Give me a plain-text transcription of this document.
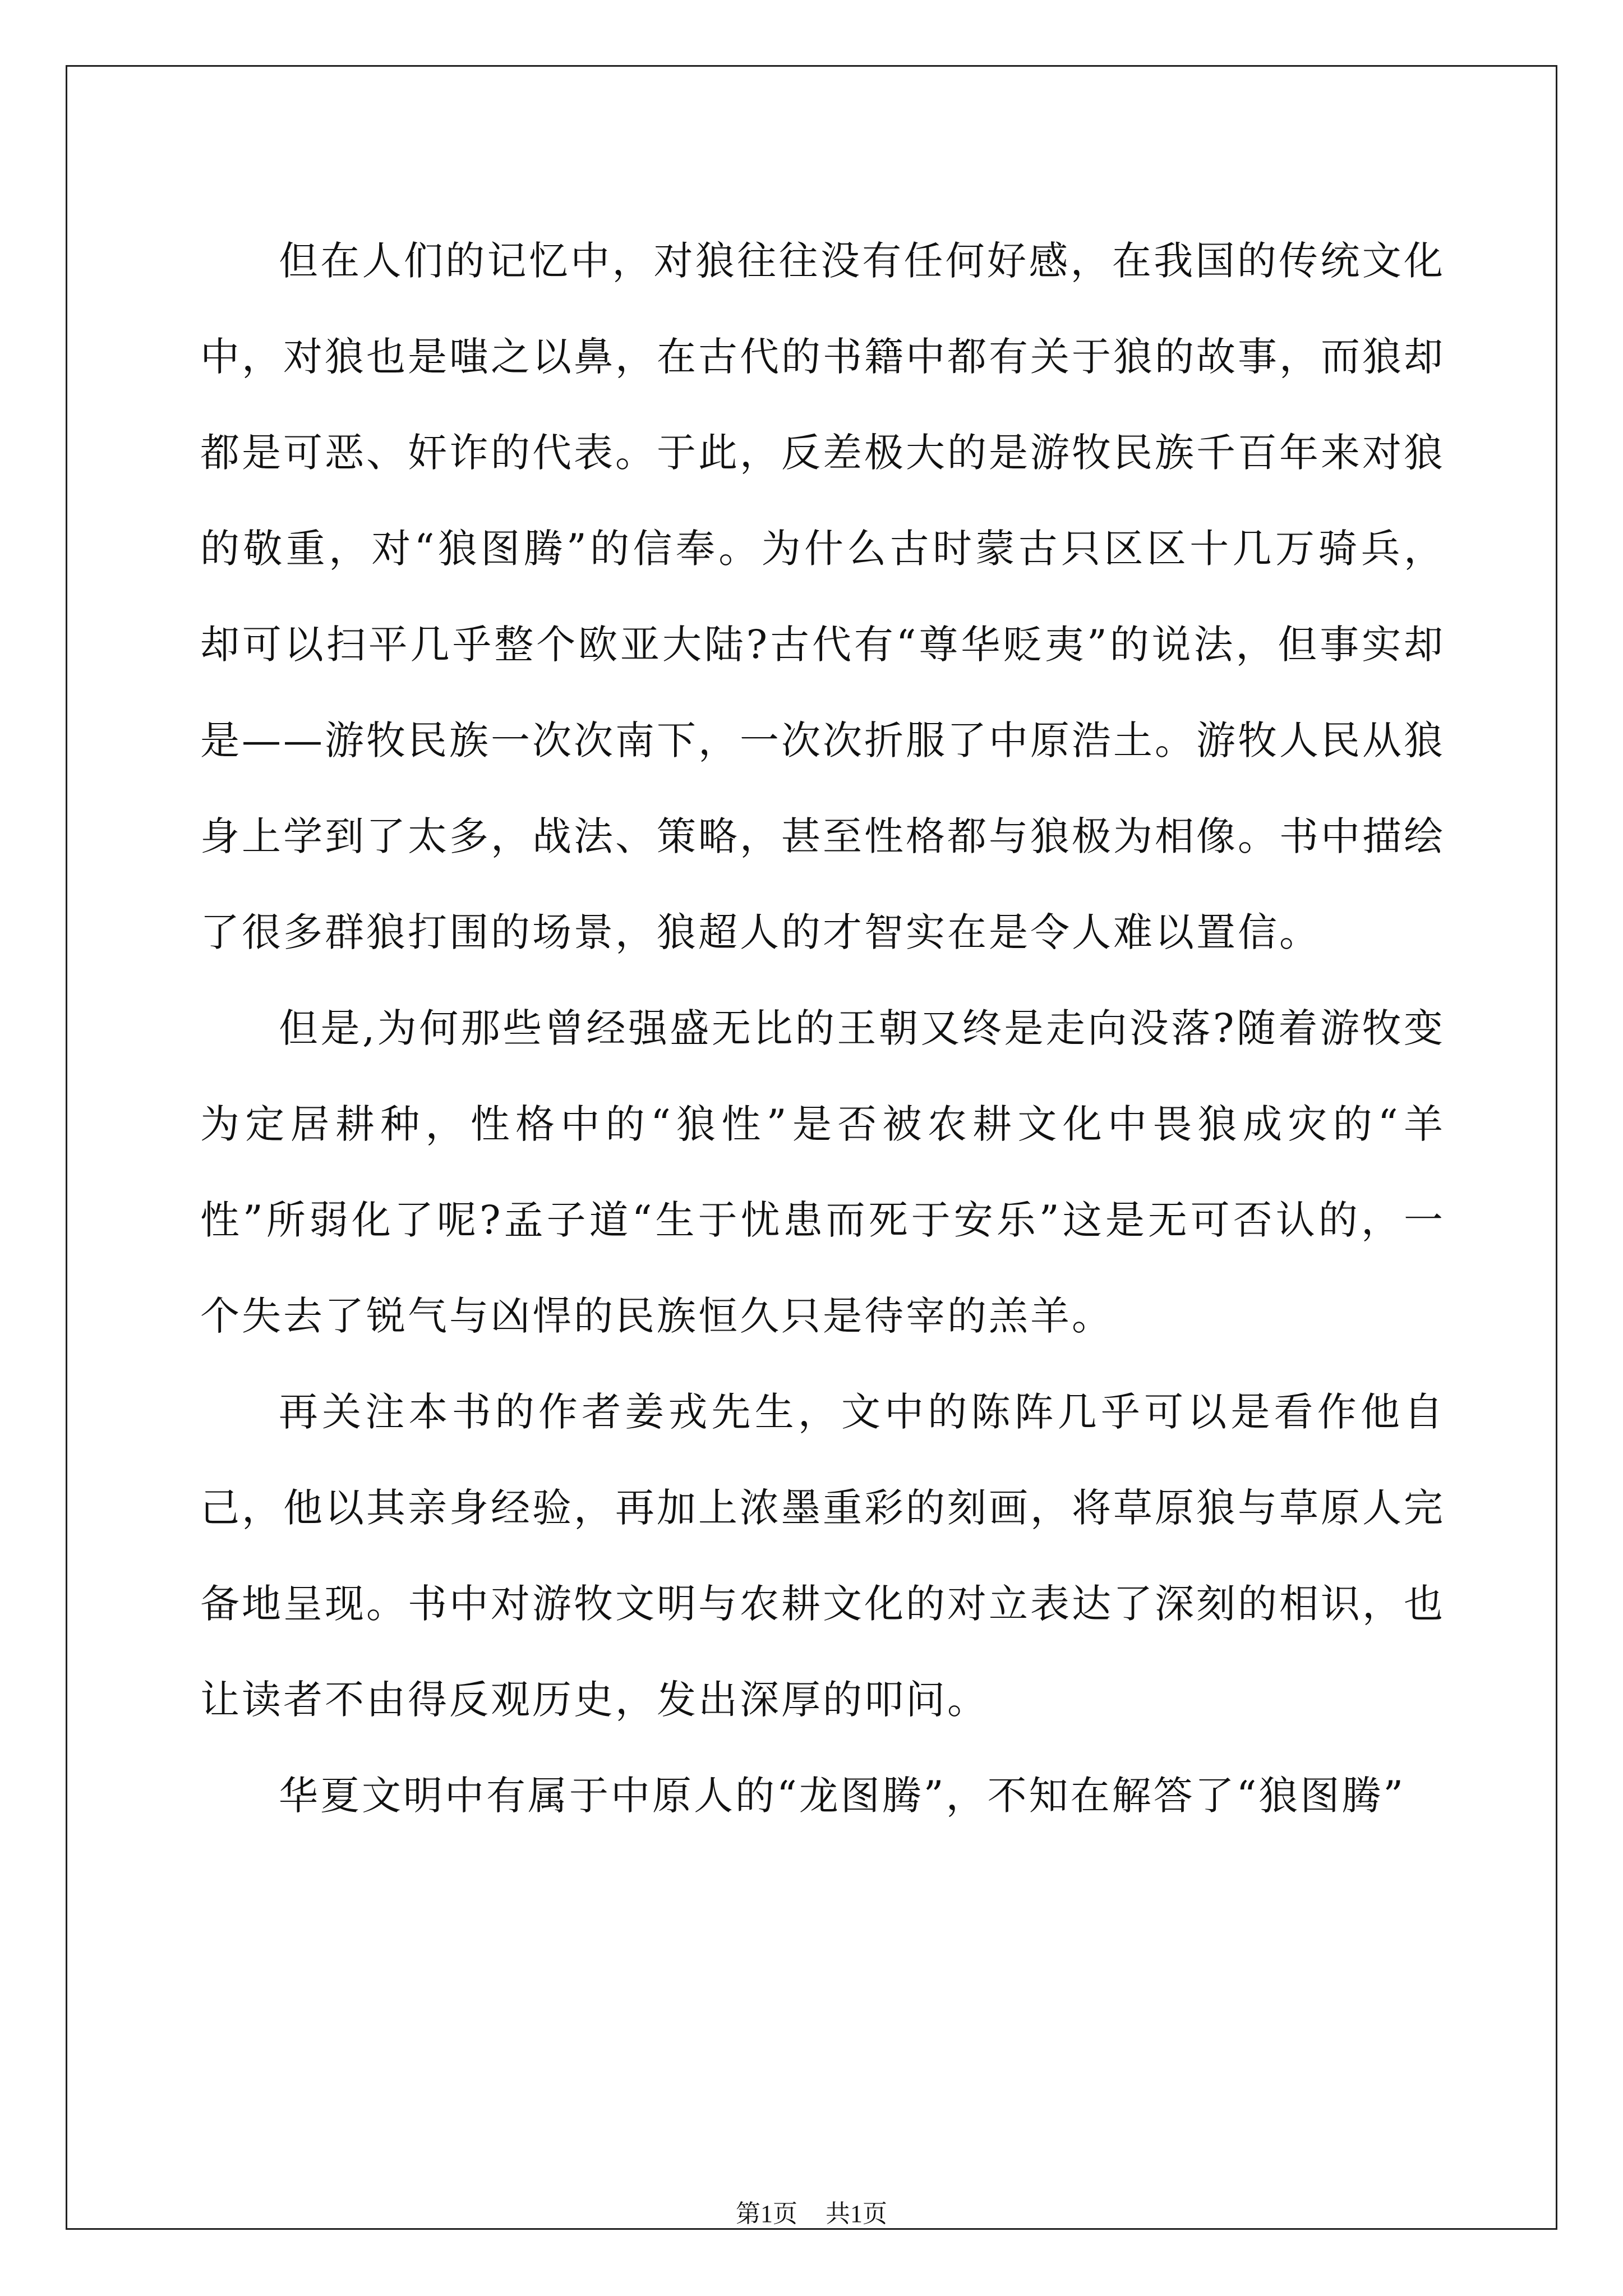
但在人们的记忆中，对狼往往没有任何好感，在我国的传统文化中，对狼也是嗤之以鼻，在古代的书籍中都有关于狼的故事，而狼却都是可恶、奸诈的代表。于此，反差极大的是游牧民族千百年来对狼的敬重，对“狼图腾”的信奉。为什么古时蒙古只区区十几万骑兵，却可以扫平几乎整个欧亚大陆?古代有“尊华贬夷”的说法，但事实却是——游牧民族一次次南下，一次次折服了中原浩土。游牧人民从狼身上学到了太多，战法、策略，甚至性格都与狼极为相像。书中描绘了很多群狼打围的场景，狼超人的才智实在是令人难以置信。

但是,为何那些曾经强盛无比的王朝又终是走向没落?随着游牧变为定居耕种，性格中的“狼性”是否被农耕文化中畏狼成灾的“羊性”所弱化了呢?孟子道“生于忧患而死于安乐”这是无可否认的，一个失去了锐气与凶悍的民族恒久只是待宰的羔羊。

再关注本书的作者姜戎先生，文中的陈阵几乎可以是看作他自己，他以其亲身经验，再加上浓墨重彩的刻画，将草原狼与草原人完备地呈现。书中对游牧文明与农耕文化的对立表达了深刻的相识，也让读者不由得反观历史，发出深厚的叩问。

华夏文明中有属于中原人的“龙图腾”，不知在解答了“狼图腾”

第1页 共1页
